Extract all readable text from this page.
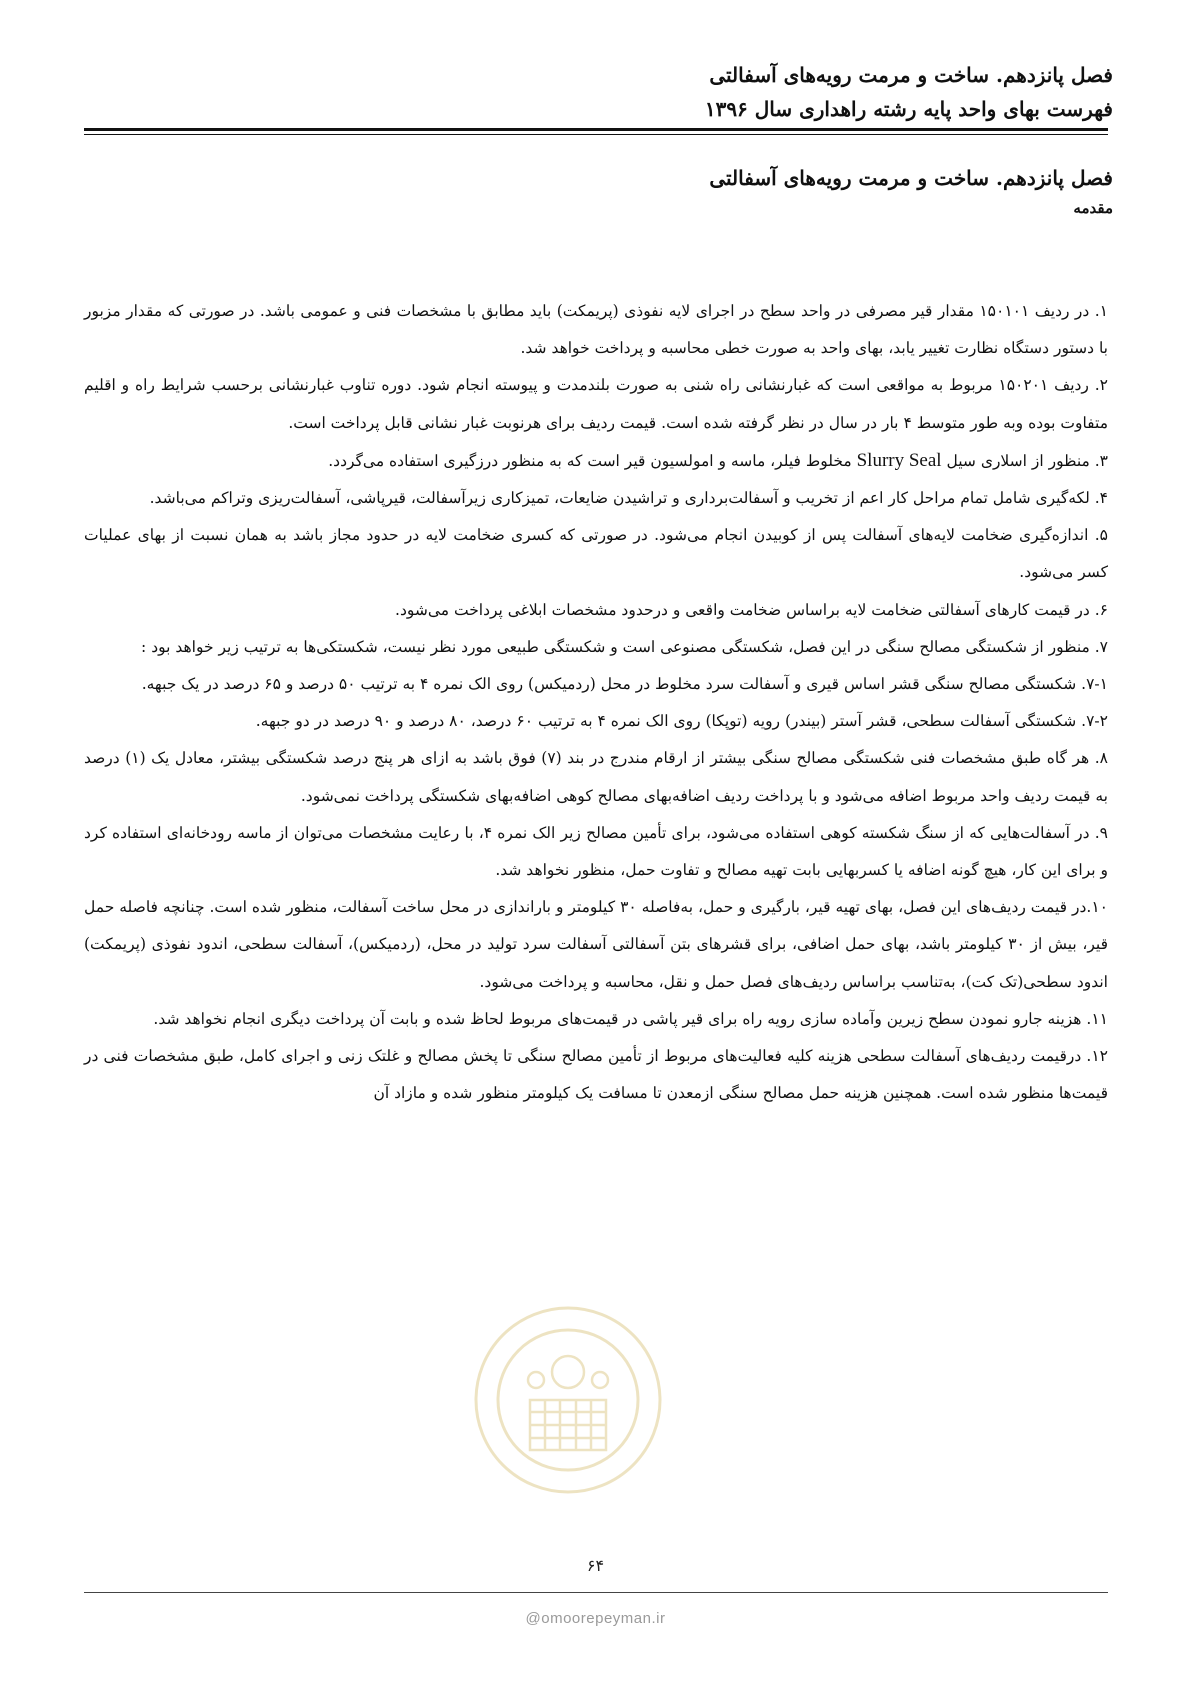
فصل پانزدهم. ساخت و مرمت رویه‌های آسفالتی
فهرست بهای واحد پایه رشته راهداری سال ۱۳۹۶
فصل پانزدهم. ساخت و مرمت رویه‌های آسفالتی
مقدمه

۱. در ردیف ۱۵۰۱۰۱ مقدار قیر مصرفی در واحد سطح در اجرای لایه نفوذی (پریمکت) باید مطابق با مشخصات فنی و عمومی باشد. در صورتی که مقدار مزبور با دستور دستگاه نظارت تغییر یابد، بهای واحد به صورت خطی محاسبه و پرداخت خواهد شد.

۲. ردیف ۱۵۰۲۰۱ مربوط به مواقعی است که غبارنشانی راه شنی به صورت بلندمدت و پیوسته انجام شود. دوره تناوب غبارنشانی برحسب شرایط راه و اقلیم متفاوت بوده وبه طور متوسط ۴ بار در سال در نظر گرفته شده است. قیمت ردیف برای هرنوبت غبار نشانی قابل پرداخت است.

۳. منظور از اسلاری سیل Slurry Seal مخلوط فیلر، ماسه و امولسیون قیر است که به منظور درزگیری استفاده می‌گردد.

۴. لکه‌گیری شامل تمام مراحل کار اعم از تخریب و آسفالت‌برداری و تراشیدن ضایعات، تمیزکاری زیرآسفالت، قیرپاشی، آسفالت‌ریزی وتراکم می‌باشد.

۵. اندازه‌گیری ضخامت لایه‌های آسفالت پس از کوبیدن انجام می‌شود. در صورتی که کسری ضخامت لایه در حدود مجاز باشد به همان نسبت از بهای عملیات کسر می‌شود.

۶. در قیمت کارهای آسفالتی ضخامت لایه براساس ضخامت واقعی و درحدود مشخصات ابلاغی پرداخت می‌شود.

۷. منظور از شکستگی مصالح سنگی در این فصل، شکستگی مصنوعی است و شکستگی طبیعی مورد نظر نیست، شکستکی‌ها به ترتیب زیر خواهد بود :

۷-۱. شکستگی مصالح سنگی قشر اساس قیری و آسفالت سرد مخلوط در محل (ردمیکس) روی الک نمره ۴ به ترتیب ۵۰ درصد و ۶۵ درصد در یک جبهه.

۷-۲. شکستگی آسفالت سطحی، قشر آستر (بیندر) رویه (توپکا) روی الک نمره ۴ به ترتیب ۶۰ درصد، ۸۰ درصد و ۹۰ درصد در دو جبهه.

۸. هر گاه طبق مشخصات فنی شکستگی مصالح سنگی بیشتر از ارقام مندرج در بند (۷) فوق باشد به ازای هر پنج درصد شکستگی بیشتر، معادل یک (۱) درصد به قیمت ردیف واحد مربوط اضافه می‌شود و با پرداخت ردیف اضافه‌بهای مصالح کوهی اضافه‌بهای شکستگی پرداخت نمی‌شود.

۹. در آسفالت‌هایی که از سنگ شکسته کوهی استفاده می‌شود، برای تأمین مصالح زیر الک نمره ۴، با رعایت مشخصات می‌توان از ماسه رودخانه‌ای استفاده کرد و برای این کار، هیچ گونه اضافه یا کسربهایی بابت تهیه مصالح و تفاوت حمل، منظور نخواهد شد.

۱۰.در قیمت ردیف‌های این فصل، بهای تهیه قیر، بارگیری و حمل، به‌فاصله ۳۰ کیلومتر و باراندازی در محل ساخت آسفالت، منظور شده است. چنانچه فاصله حمل قیر، بیش از ۳۰ کیلومتر باشد، بهای حمل اضافی، برای قشرهای بتن آسفالتی آسفالت سرد تولید در محل، (ردمیکس)، آسفالت سطحی، اندود نفوذی (پریمکت) اندود سطحی(تک کت)، به‌تناسب براساس ردیف‌های فصل حمل و نقل، محاسبه و پرداخت می‌شود.

۱۱. هزینه جارو نمودن سطح زیرین وآماده سازی رویه راه برای قیر پاشی در قیمت‌های مربوط لحاظ شده و بابت آن پرداخت دیگری انجام نخواهد شد.

۱۲. درقیمت ردیف‌های آسفالت سطحی هزینه کلیه فعالیت‌های مربوط از تأمین مصالح سنگی تا پخش مصالح و غلتک زنی و اجرای کامل، طبق مشخصات فنی در قیمت‌ها منظور شده است. همچنین هزینه حمل مصالح سنگی ازمعدن تا مسافت یک کیلومتر منظور شده و مازاد آن

۶۴
@omoorepeyman.ir
